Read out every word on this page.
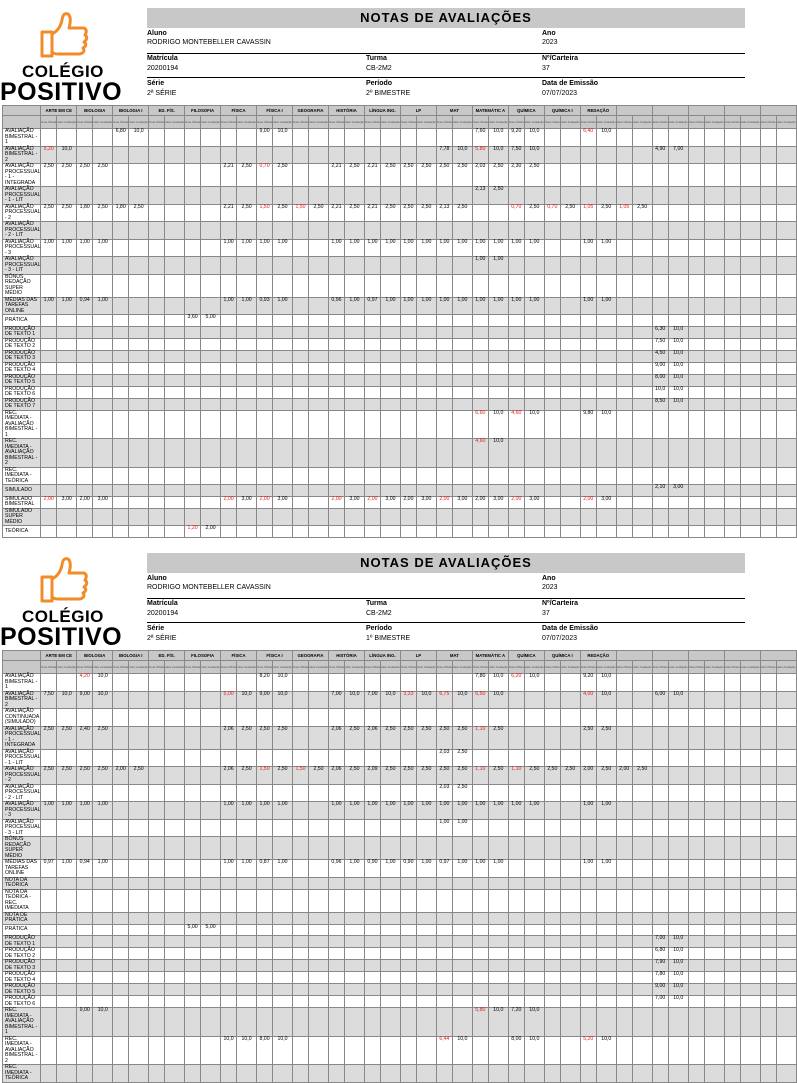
COLÉGIO
POSITIVO
NOTAS DE AVALIAÇÕES
Aluno
RODRIGO MONTEBELLER CAVASSIN
Ano
2023
Matrícula
20200194
Turma
CB-2M2
Nº/Carteira
37
Série
2ª SÉRIE
Período
2º BIMESTRE
Data de Emissão
07/07/2023
	ARTE EM CE		BIOLOGIA		BIOLOGIA I		ED. FÍS.		FILOSOFIA		FÍSICA		FÍSICA I		GEOGRAFIA		HISTÓRIA		LÍNGUA ING.		LP		MAT		MATEMÁTIC A		QUÍMICA		QUÍMICA I		REDAÇÃO											
	Nota Obtida	Valor Avaliação	Nota Obtida	Valor Avaliação	Nota Obtida	Valor Avaliação	Nota Obtida	Valor Avaliação	Nota Obtida	Valor Avaliação	Nota Obtida	Valor Avaliação	Nota Obtida	Valor Avaliação	Nota Obtida	Valor Avaliação	Nota Obtida	Valor Avaliação	Nota Obtida	Valor Avaliação	Nota Obtida	Valor Avaliação	Nota Obtida	Valor Avaliação	Nota Obtida	Valor Avaliação	Nota Obtida	Valor Avaliação	Nota Obtida	Valor Avaliação	Nota Obtida	Valor Avaliação	Nota Obtida	Valor Avaliação	Nota Obtida	Valor Avaliação	Nota Obtida	Valor Avaliação	Nota Obtida	Valor Avaliação	Nota Obtida	Valor Avaliação
AVALIAÇÃO BIMESTRAL - 1					6,80	10,0							9,00	10,0											7,60	10,0	9,20	10,0			6,40	10,0										
AVALIAÇÃO BIMESTRAL - 2	5,20	10,0																					7,78	10,0	5,80	10,0	7,50	10,0							4,90	7,00						
AVALIAÇÃO PROCESSUAL - 1 - INTEGRADA	2,50	2,50	2,50	2,50							2,21	2,50	0,70	2,50			2,21	2,50	2,21	2,50	2,50	2,50	2,50	2,50	2,03	2,50	2,30	2,50														
AVALIAÇÃO PROCESSUAL - 1 - LIT																									2,13	2,50																
AVALIAÇÃO PROCESSUAL - 2	2,50	2,50	1,80	2,50	1,80	2,50					2,21	2,50	1,50	2,50	1,50	2,50	2,21	2,50	2,21	2,50	2,50	2,50	2,13	2,50			0,70	2,50	0,70	2,50	1,05	2,50	1,05	2,50								
AVALIAÇÃO PROCESSUAL - 2 - LIT																																										
AVALIAÇÃO PROCESSUAL - 3	1,00	1,00	1,00	1,00							1,00	1,00	1,00	1,00			1,00	1,00	1,00	1,00	1,00	1,00	1,00	1,00	1,00	1,00	1,00	1,00			1,00	1,00										
AVALIAÇÃO PROCESSUAL - 3 - LIT																									1,00	1,00																
BÔNUS REDAÇÃO SUPER MÉDIO																																										
MÉDIAS DAS TAREFAS ONLINE	1,00	1,00	0,94	1,00							1,00	1,00	0,93	1,00			0,96	1,00	0,97	1,00	1,00	1,00	1,00	1,00	1,00	1,00	1,00	1,00			1,00	1,00										
PRÁTICA									3,60	5,00																																
PRODUÇÃO DE TEXTO 1																																			6,30	10,0						
PRODUÇÃO DE TEXTO 2																																			7,50	10,0						
PRODUÇÃO DE TEXTO 3																																			4,50	10,0						
PRODUÇÃO DE TEXTO 4																																			9,00	10,0						
PRODUÇÃO DE TEXTO 5																																			8,00	10,0						
PRODUÇÃO DE TEXTO 6																																			10,0	10,0						
PRODUÇÃO DE TEXTO 7																																			8,50	10,0						
REC. IMEDIATA - AVALIAÇÃO BIMESTRAL - 1																									6,60	10,0	4,60	10,0			9,80	10,0										
REC. IMEDIATA - AVALIAÇÃO BIMESTRAL - 2																									4,60	10,0																
REC. IMEDIATA - TEÓRICA																																										
SIMULADO																																			2,10	3,00						
SIMULADO BIMESTRAL	2,00	3,00	2,00	3,00							2,00	3,00	2,00	3,00			2,00	3,00	2,00	3,00	2,00	3,00	2,00	3,00	2,00	3,00	2,00	3,00			2,00	3,00										
SIMULADO SUPER MÉDIO																																										
TEÓRICA									1,20	2,00																																
COLÉGIO
POSITIVO
NOTAS DE AVALIAÇÕES
Aluno
RODRIGO MONTEBELLER CAVASSIN
Ano
2023
Matrícula
20200194
Turma
CB-2M2
Nº/Carteira
37
Série
2ª SÉRIE
Período
1º BIMESTRE
Data de Emissão
07/07/2023
	ARTE EM CE		BIOLOGIA		BIOLOGIA I		ED. FÍS.		FILOSOFIA		FÍSICA		FÍSICA I		GEOGRAFIA		HISTÓRIA		LÍNGUA ING.		LP		MAT		MATEMÁTIC A		QUÍMICA		QUÍMICA I		REDAÇÃO											
	Nota Obtida	Valor Avaliação	Nota Obtida	Valor Avaliação	Nota Obtida	Valor Avaliação	Nota Obtida	Valor Avaliação	Nota Obtida	Valor Avaliação	Nota Obtida	Valor Avaliação	Nota Obtida	Valor Avaliação	Nota Obtida	Valor Avaliação	Nota Obtida	Valor Avaliação	Nota Obtida	Valor Avaliação	Nota Obtida	Valor Avaliação	Nota Obtida	Valor Avaliação	Nota Obtida	Valor Avaliação	Nota Obtida	Valor Avaliação	Nota Obtida	Valor Avaliação	Nota Obtida	Valor Avaliação	Nota Obtida	Valor Avaliação	Nota Obtida	Valor Avaliação	Nota Obtida	Valor Avaliação	Nota Obtida	Valor Avaliação	Nota Obtida	Valor Avaliação
AVALIAÇÃO BIMESTRAL - 1			4,20	10,0									8,20	10,0											7,80	10,0	6,20	10,0			9,20	10,0										
AVALIAÇÃO BIMESTRAL - 2	7,50	10,0	9,00	10,0							5,00	10,0	9,00	10,0			7,00	10,0	7,00	10,0	3,33	10,0	6,75	10,0	6,50	10,0					4,00	10,0			6,00	10,0						
AVALIAÇÃO CONTINUADA (SIMULADO)																																										
AVALIAÇÃO PROCESSUAL - 1 - INTEGRADA	2,50	2,50	2,40	2,50							2,06	2,50	2,50	2,50			2,06	2,50	2,06	2,50	2,50	2,50	2,50	2,50	1,10	2,50					2,50	2,50										
AVALIAÇÃO PROCESSUAL - 1 - LIT																							2,03	2,50																		
AVALIAÇÃO PROCESSUAL - 2	2,50	2,50	2,50	2,50	2,00	2,50					2,06	2,50	1,50	2,50	1,50	2,50	2,06	2,50	2,09	2,50	2,50	2,50	2,50	2,50	1,10	2,50	1,10	2,50	2,50	2,50	2,00	2,50	2,00	2,50								
AVALIAÇÃO PROCESSUAL - 2 - LIT																							2,03	2,50																		
AVALIAÇÃO PROCESSUAL - 3	1,00	1,00	1,00	1,00							1,00	1,00	1,00	1,00			1,00	1,00	1,00	1,00	1,00	1,00	1,00	1,00	1,00	1,00	1,00	1,00			1,00	1,00										
AVALIAÇÃO PROCESSUAL - 3 - LIT																							1,00	1,00																		
BÔNUS REDAÇÃO SUPER MÉDIO																																										
MÉDIAS DAS TAREFAS ONLINE	0,97	1,00	0,94	1,00							1,00	1,00	0,87	1,00			0,96	1,00	0,90	1,00	0,90	1,00	0,97	1,00	1,00	1,00					1,00	1,00										
NOTA DA TEÓRICA																																										
NOTA DA TEÓRICA - REC. IMEDIATA																																										
NOTA DE PRÁTICA																																										
PRÁTICA									5,00	5,00																																
PRODUÇÃO DE TEXTO 1																																			7,00	10,0						
PRODUÇÃO DE TEXTO 2																																			6,80	10,0						
PRODUÇÃO DE TEXTO 3																																			7,90	10,0						
PRODUÇÃO DE TEXTO 4																																			7,80	10,0						
PRODUÇÃO DE TEXTO 5																																			9,00	10,0						
PRODUÇÃO DE TEXTO 6																																			7,00	10,0						
REC. IMEDIATA - AVALIAÇÃO BIMESTRAL - 1			9,00	10,0																					5,80	10,0	7,20	10,0														
REC. IMEDIATA - AVALIAÇÃO BIMESTRAL - 2											10,0	10,0	8,00	10,0									6,44	10,0			8,00	10,0			5,20	10,0										
REC. IMEDIATA - TEÓRICA																																										
